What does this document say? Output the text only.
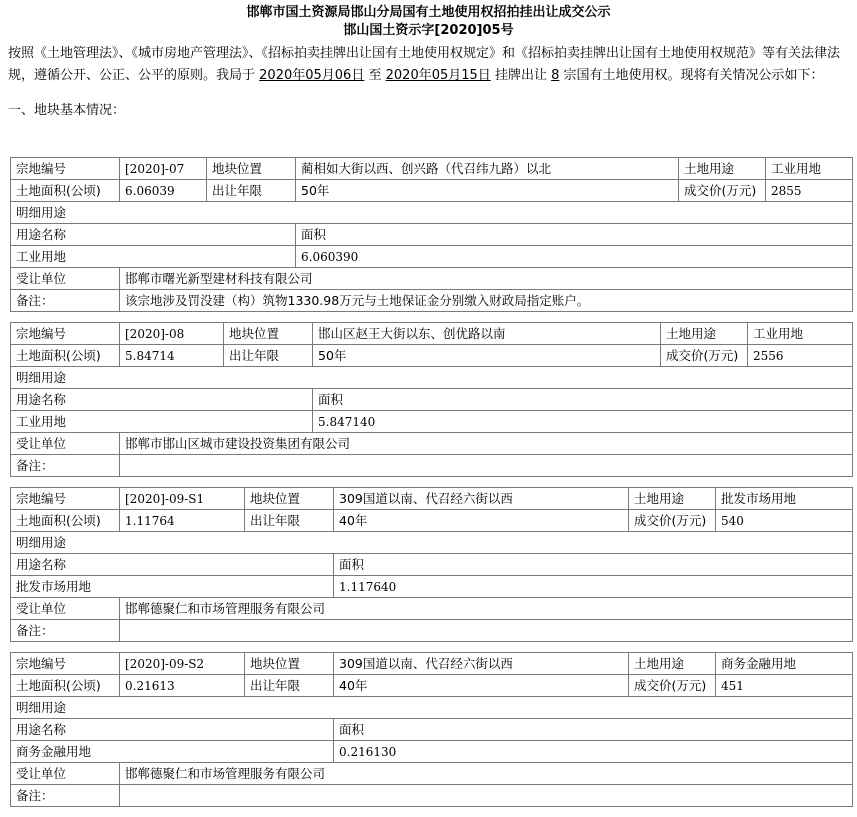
邯郸市国土资源局邯山分局国有土地使用权招拍挂出让成交公示
邯山国土资示字[2020]05号

按照《土地管理法》、《城市房地产管理法》、《招标拍卖挂牌出让国有土地使用权规定》和《招标拍卖挂牌出让国有土地使用权规范》等有关法律法规，遵循公开、公正、公平的原则。我局于 2020年05月06日 至 2020年05月15日 挂牌出让 8 宗国有土地使用权。现将有关情况公示如下：

一、地块基本情况：

宗地编号	[2020]-07	地块位置	蔺相如大街以西、创兴路（代召纬九路）以北	土地用途	工业用地
土地面积(公顷)	6.06039	出让年限	50年	成交价(万元)	2855
明细用途					
用途名称			面积		
工业用地			6.060390		
受让单位	邯郸市曙光新型建材科技有限公司				
备注：	该宗地涉及罚没建（构）筑物1330.98万元与土地保证金分别缴入财政局指定账户。				
宗地编号	[2020]-08	地块位置	邯山区赵王大街以东、创优路以南	土地用途	工业用地
土地面积(公顷)	5.84714	出让年限	50年	成交价(万元)	2556
明细用途					
用途名称			面积		
工业用地			5.847140		
受让单位	邯郸市邯山区城市建设投资集团有限公司				
备注：					
宗地编号	[2020]-09-S1	地块位置	309国道以南、代召经六街以西	土地用途	批发市场用地
土地面积(公顷)	1.11764	出让年限	40年	成交价(万元)	540
明细用途					
用途名称			面积		
批发市场用地			1.117640		
受让单位	邯郸德聚仁和市场管理服务有限公司				
备注：					
宗地编号	[2020]-09-S2	地块位置	309国道以南、代召经六街以西	土地用途	商务金融用地
土地面积(公顷)	0.21613	出让年限	40年	成交价(万元)	451
明细用途					
用途名称			面积		
商务金融用地			0.216130		
受让单位	邯郸德聚仁和市场管理服务有限公司				
备注：					
